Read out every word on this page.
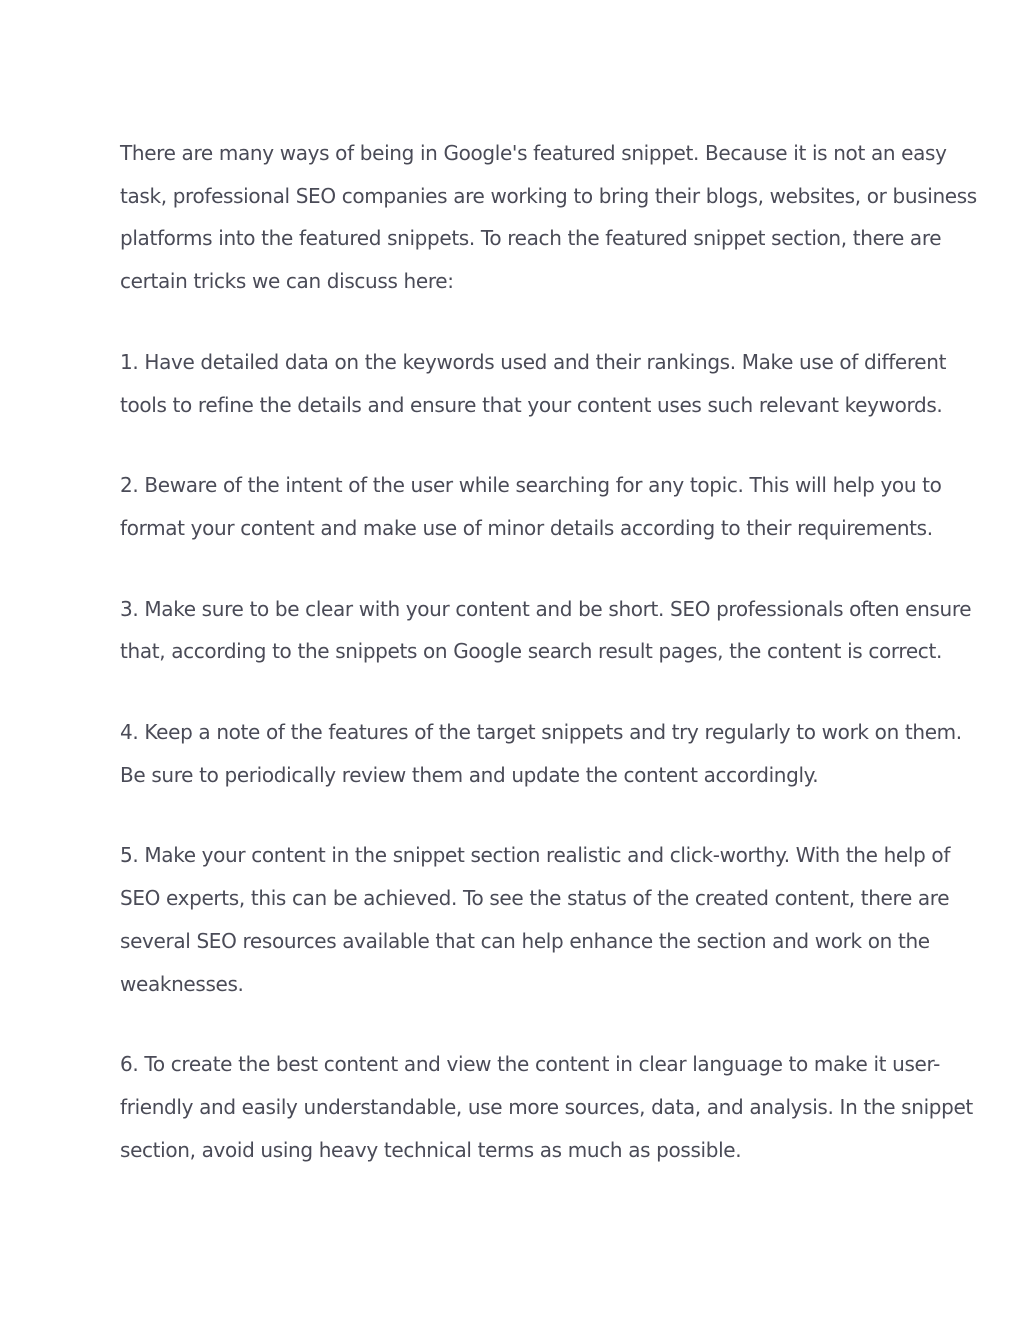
There are many ways of being in Google's featured snippet. Because it is not an easy task, professional SEO companies are working to bring their blogs, websites, or business platforms into the featured snippets. To reach the featured snippet section, there are certain tricks we can discuss here:

1. Have detailed data on the keywords used and their rankings. Make use of different tools to refine the details and ensure that your content uses such relevant keywords.

2. Beware of the intent of the user while searching for any topic. This will help you to format your content and make use of minor details according to their requirements.

3. Make sure to be clear with your content and be short. SEO professionals often ensure that, according to the snippets on Google search result pages, the content is correct.

4. Keep a note of the features of the target snippets and try regularly to work on them. Be sure to periodically review them and update the content accordingly.

5. Make your content in the snippet section realistic and click-worthy. With the help of SEO experts, this can be achieved. To see the status of the created content, there are several SEO resources available that can help enhance the section and work on the weaknesses.

6. To create the best content and view the content in clear language to make it user-friendly and easily understandable, use more sources, data, and analysis. In the snippet section, avoid using heavy technical terms as much as possible.
